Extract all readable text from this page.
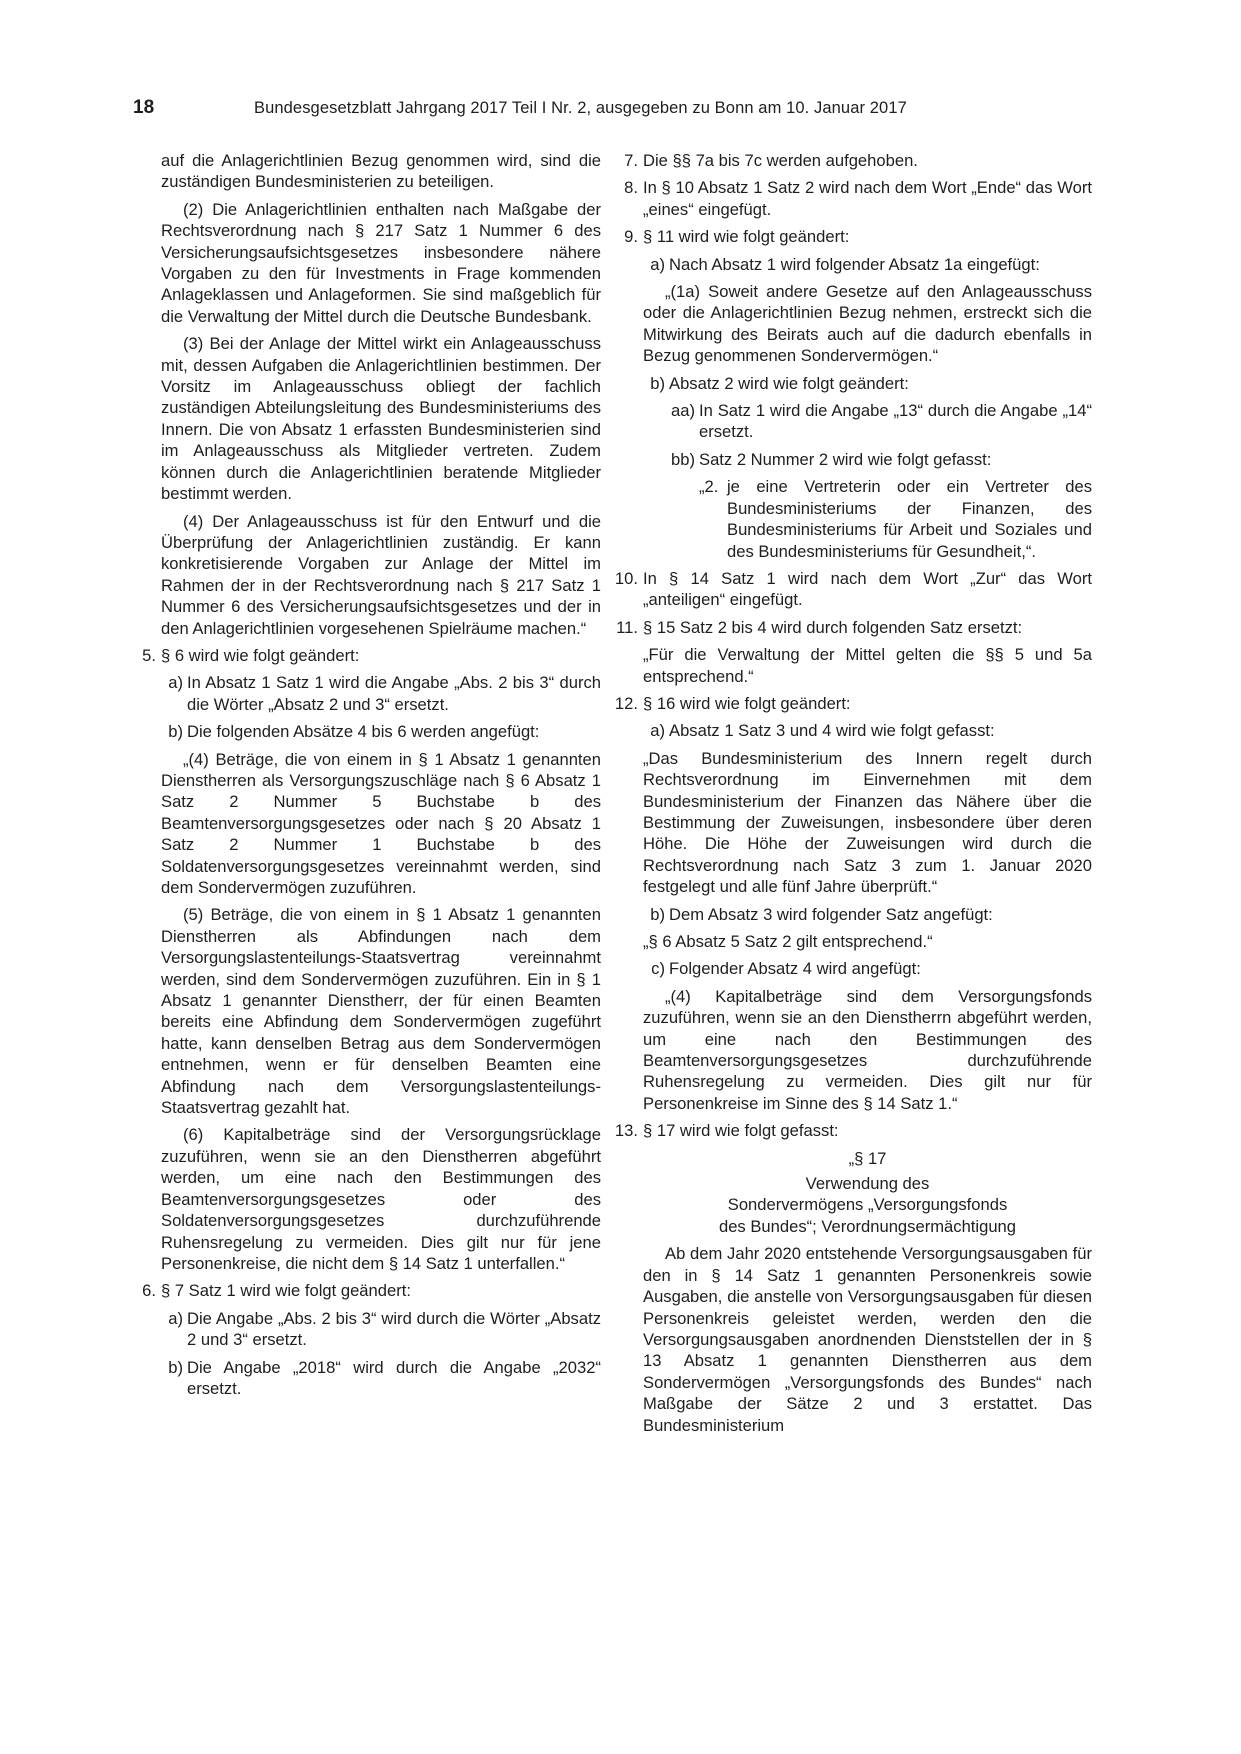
18	Bundesgesetzblatt Jahrgang 2017 Teil I Nr. 2, ausgegeben zu Bonn am 10. Januar 2017

auf die Anlagerichtlinien Bezug genommen wird, sind die zuständigen Bundesministerien zu beteiligen.

(2) Die Anlagerichtlinien enthalten nach Maßgabe der Rechtsverordnung nach § 217 Satz 1 Nummer 6 des Versicherungsaufsichtsgesetzes insbesondere nähere Vorgaben zu den für Investments in Frage kommenden Anlageklassen und Anlageformen. Sie sind maßgeblich für die Verwaltung der Mittel durch die Deutsche Bundesbank.

(3) Bei der Anlage der Mittel wirkt ein Anlageausschuss mit, dessen Aufgaben die Anlagerichtlinien bestimmen. Der Vorsitz im Anlageausschuss obliegt der fachlich zuständigen Abteilungsleitung des Bundesministeriums des Innern. Die von Absatz 1 erfassten Bundesministerien sind im Anlageausschuss als Mitglieder vertreten. Zudem können durch die Anlagerichtlinien beratende Mitglieder bestimmt werden.

(4) Der Anlageausschuss ist für den Entwurf und die Überprüfung der Anlagerichtlinien zuständig. Er kann konkretisierende Vorgaben zur Anlage der Mittel im Rahmen der in der Rechtsverordnung nach § 217 Satz 1 Nummer 6 des Versicherungsaufsichtsgesetzes und der in den Anlagerichtlinien vorgesehenen Spielräume machen.“

5. § 6 wird wie folgt geändert:
a) In Absatz 1 Satz 1 wird die Angabe „Abs. 2 bis 3“ durch die Wörter „Absatz 2 und 3“ ersetzt.
b) Die folgenden Absätze 4 bis 6 werden angefügt:

„(4) Beträge, die von einem in § 1 Absatz 1 genannten Dienstherren als Versorgungszuschläge nach § 6 Absatz 1 Satz 2 Nummer 5 Buchstabe b des Beamtenversorgungsgesetzes oder nach § 20 Absatz 1 Satz 2 Nummer 1 Buchstabe b des Soldatenversorgungsgesetzes vereinnahmt werden, sind dem Sondervermögen zuzuführen.

(5) Beträge, die von einem in § 1 Absatz 1 genannten Dienstherren als Abfindungen nach dem Versorgungslastenteilungs-Staatsvertrag vereinnahmt werden, sind dem Sondervermögen zuzuführen. Ein in § 1 Absatz 1 genannter Dienstherr, der für einen Beamten bereits eine Abfindung dem Sondervermögen zugeführt hatte, kann denselben Betrag aus dem Sondervermögen entnehmen, wenn er für denselben Beamten eine Abfindung nach dem Versorgungslastenteilungs-Staatsvertrag gezahlt hat.

(6) Kapitalbeträge sind der Versorgungsrücklage zuzuführen, wenn sie an den Dienstherren abgeführt werden, um eine nach den Bestimmungen des Beamtenversorgungsgesetzes oder des Soldatenversorgungsgesetzes durchzuführende Ruhensregelung zu vermeiden. Dies gilt nur für jene Personenkreise, die nicht dem § 14 Satz 1 unterfallen.“

6. § 7 Satz 1 wird wie folgt geändert:
a) Die Angabe „Abs. 2 bis 3“ wird durch die Wörter „Absatz 2 und 3“ ersetzt.
b) Die Angabe „2018“ wird durch die Angabe „2032“ ersetzt.
7. Die §§ 7a bis 7c werden aufgehoben.
8. In § 10 Absatz 1 Satz 2 wird nach dem Wort „Ende“ das Wort „eines“ eingefügt.
9. § 11 wird wie folgt geändert:
a) Nach Absatz 1 wird folgender Absatz 1a eingefügt:

„(1a) Soweit andere Gesetze auf den Anlageausschuss oder die Anlagerichtlinien Bezug nehmen, erstreckt sich die Mitwirkung des Beirats auch auf die dadurch ebenfalls in Bezug genommenen Sondervermögen.“

b) Absatz 2 wird wie folgt geändert:
aa) In Satz 1 wird die Angabe „13“ durch die Angabe „14“ ersetzt.
bb) Satz 2 Nummer 2 wird wie folgt gefasst:
„2. je eine Vertreterin oder ein Vertreter des Bundesministeriums der Finanzen, des Bundesministeriums für Arbeit und Soziales und des Bundesministeriums für Gesundheit,“.
10. In § 14 Satz 1 wird nach dem Wort „Zur“ das Wort „anteiligen“ eingefügt.
11. § 15 Satz 2 bis 4 wird durch folgenden Satz ersetzt:

„Für die Verwaltung der Mittel gelten die §§ 5 und 5a entsprechend.“

12. § 16 wird wie folgt geändert:
a) Absatz 1 Satz 3 und 4 wird wie folgt gefasst:

„Das Bundesministerium des Innern regelt durch Rechtsverordnung im Einvernehmen mit dem Bundesministerium der Finanzen das Nähere über die Bestimmung der Zuweisungen, insbesondere über deren Höhe. Die Höhe der Zuweisungen wird durch die Rechtsverordnung nach Satz 3 zum 1. Januar 2020 festgelegt und alle fünf Jahre überprüft.“

b) Dem Absatz 3 wird folgender Satz angefügt:

„§ 6 Absatz 5 Satz 2 gilt entsprechend.“

c) Folgender Absatz 4 wird angefügt:

„(4) Kapitalbeträge sind dem Versorgungsfonds zuzuführen, wenn sie an den Dienstherrn abgeführt werden, um eine nach den Bestimmungen des Beamtenversorgungsgesetzes durchzuführende Ruhensregelung zu vermeiden. Dies gilt nur für Personenkreise im Sinne des § 14 Satz 1.“

13. § 17 wird wie folgt gefasst:

„§ 17

Verwendung des

Sondervermögens „Versorgungsfonds

des Bundes“; Verordnungsermächtigung

Ab dem Jahr 2020 entstehende Versorgungsausgaben für den in § 14 Satz 1 genannten Personenkreis sowie Ausgaben, die anstelle von Versorgungsausgaben für diesen Personenkreis geleistet werden, werden den die Versorgungsausgaben anordnenden Dienststellen der in § 13 Absatz 1 genannten Dienstherren aus dem Sondervermögen „Versorgungsfonds des Bundes“ nach Maßgabe der Sätze 2 und 3 erstattet. Das Bundesministerium
